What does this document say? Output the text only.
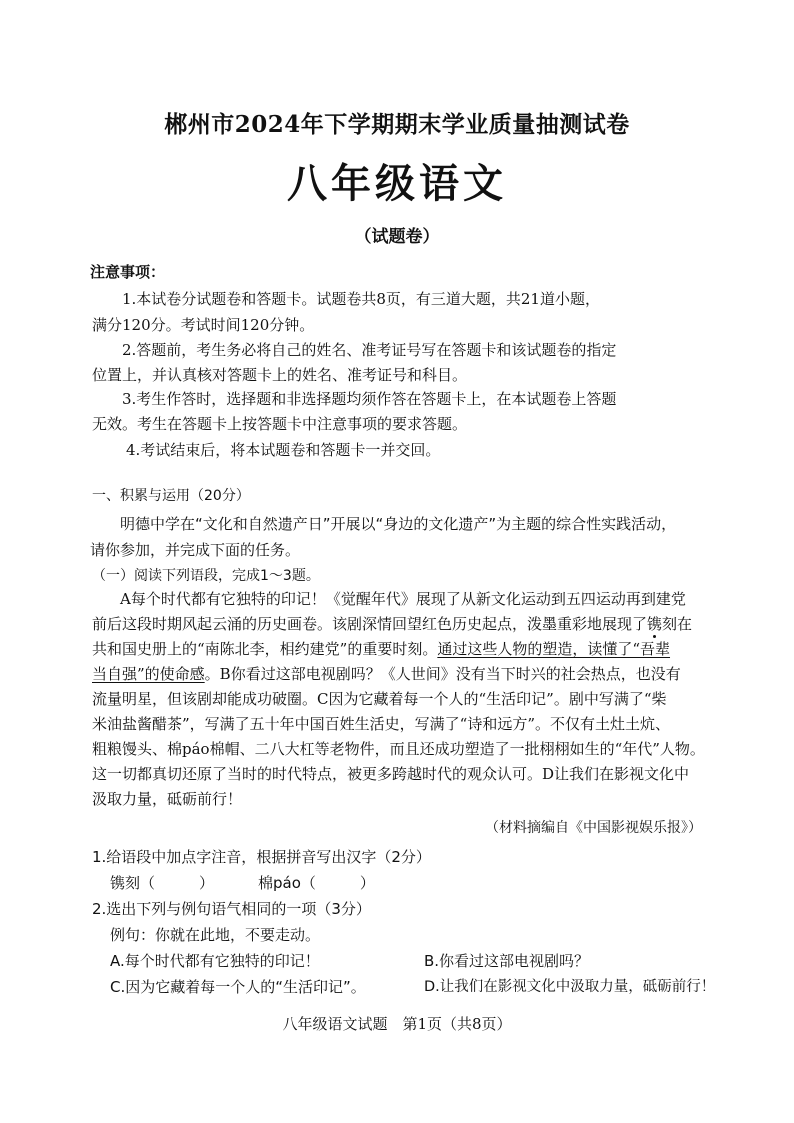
郴州市2024年下学期期末学业质量抽测试卷
八年级语文
（试题卷）
注意事项：
1.本试卷分试题卷和答题卡。试题卷共8页，有三道大题，共21道小题，
满分120分。考试时间120分钟。
2.答题前，考生务必将自己的姓名、准考证号写在答题卡和该试题卷的指定
位置上，并认真核对答题卡上的姓名、准考证号和科目。
3.考生作答时，选择题和非选择题均须作答在答题卡上，在本试题卷上答题
无效。考生在答题卡上按答题卡中注意事项的要求答题。
4.考试结束后，将本试题卷和答题卡一并交回。
一、积累与运用（20分）
明德中学在“文化和自然遗产日”开展以“身边的文化遗产”为主题的综合性实践活动，
请你参加，并完成下面的任务。
（一）阅读下列语段，完成1～3题。
A每个时代都有它独特的印记！《觉醒年代》展现了从新文化运动到五四运动再到建党
前后这段时期风起云涌的历史画卷。该剧深情回望红色历史起点，泼墨重彩地展现了镌刻在
共和国史册上的“南陈北李，相约建党”的重要时刻。通过这些人物的塑造，读懂了“吾辈
当自强”的使命感。B你看过这部电视剧吗？《人世间》没有当下时兴的社会热点，也没有
流量明星，但该剧却能成功破圈。C因为它藏着每一个人的“生活印记”。剧中写满了“柴
米油盐酱醋茶”，写满了五十年中国百姓生活史，写满了“诗和远方”。不仅有土灶土炕、
粗粮馒头、棉páo棉帽、二八大杠等老物件，而且还成功塑造了一批栩栩如生的“年代”人物。
这一切都真切还原了当时的时代特点，被更多跨越时代的观众认可。D让我们在影视文化中
汲取力量，砥砺前行！
（材料摘编自《中国影视娱乐报》）
1.给语段中加点字注音，根据拼音写出汉字（2分）
镌刻（	）	棉páo（	）
2.选出下列与例句语气相同的一项（3分）
例句：你就在此地，不要走动。
A.每个时代都有它独特的印记！	B.你看过这部电视剧吗？
C.因为它藏着每一个人的“生活印记”。	D.让我们在影视文化中汲取力量，砥砺前行！
八年级语文试题　第1页（共8页）
